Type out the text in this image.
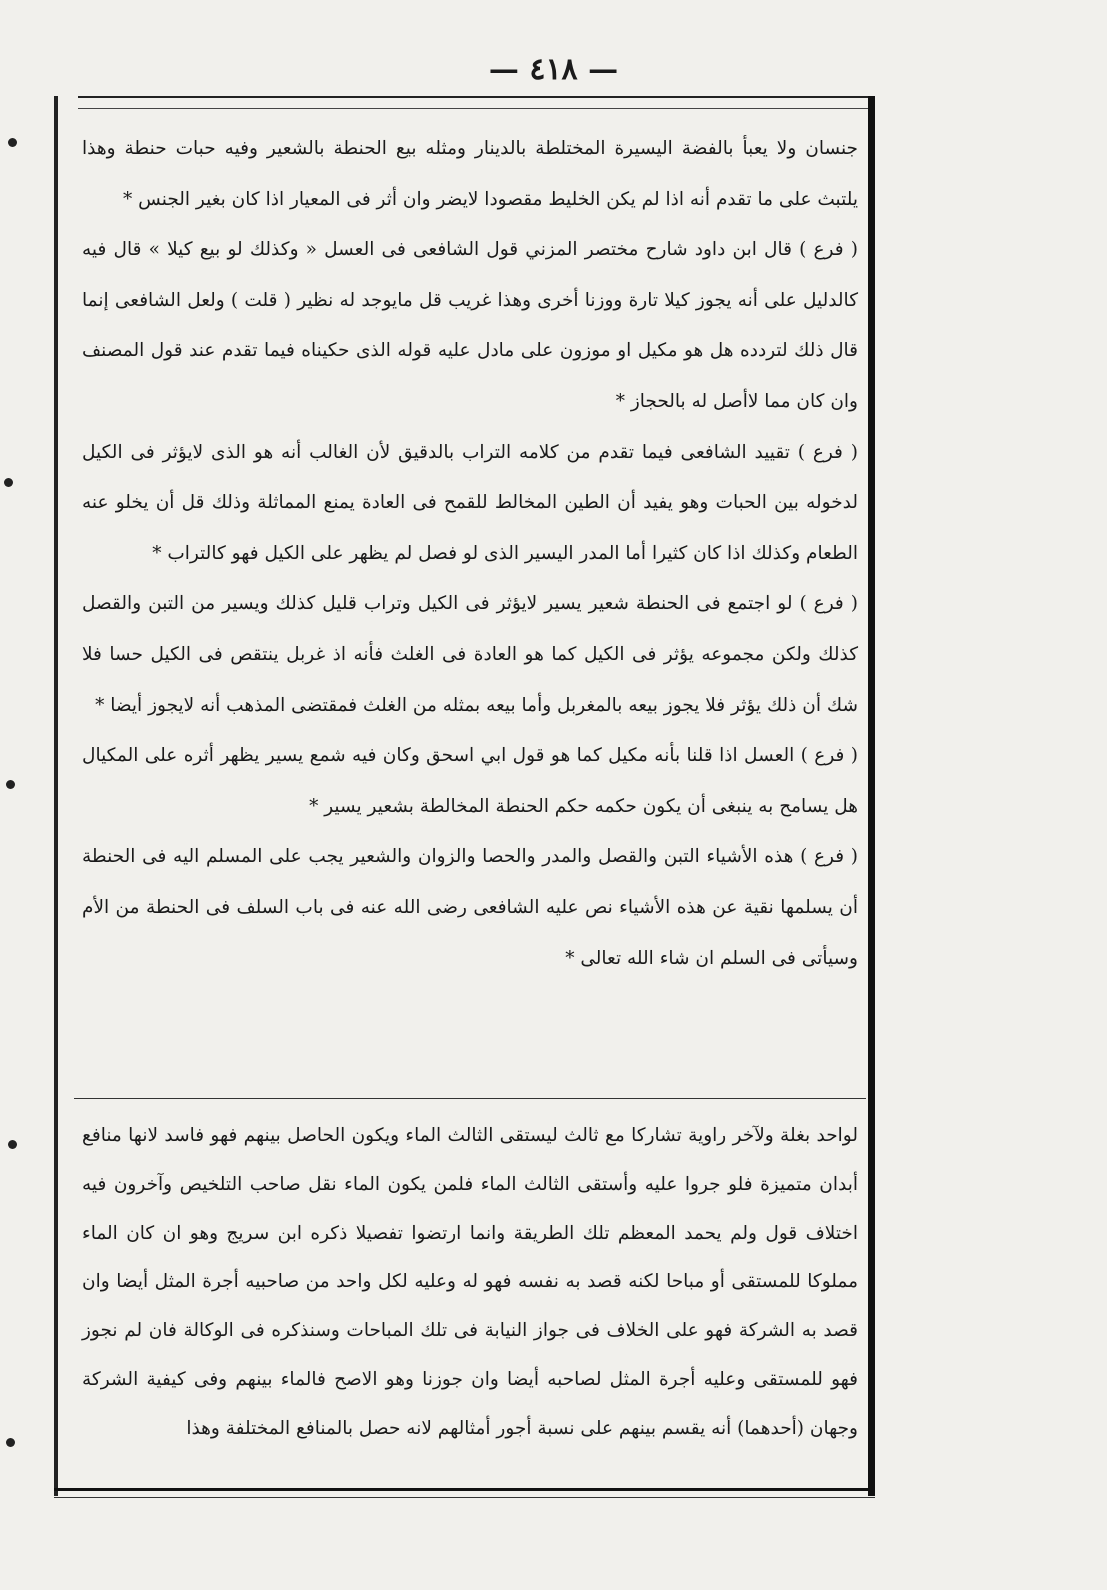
— ٤١٨ —

جنسان ولا يعبأ بالفضة اليسيرة المختلطة بالدينار ومثله بيع الحنطة بالشعير وفيه حبات حنطة وهذا يلتبث على ما تقدم أنه اذا لم يكن الخليط مقصودا لايضر وان أثر فى المعيار اذا كان بغير الجنس *

( فرع ) قال ابن داود شارح مختصر المزني قول الشافعى فى العسل « وكذلك لو بيع كيلا » قال فيه كالدليل على أنه يجوز كيلا تارة ووزنا أخرى وهذا غريب قل مايوجد له نظير ( قلت ) ولعل الشافعى إنما قال ذلك لتردده هل هو مكيل او موزون على مادل عليه قوله الذى حكيناه فيما تقدم عند قول المصنف وان كان مما لاأصل له بالحجاز *

( فرع ) تقييد الشافعى فيما تقدم من كلامه التراب بالدقيق لأن الغالب أنه هو الذى لايؤثر فى الكيل لدخوله بين الحبات وهو يفيد أن الطين المخالط للقمح فى العادة يمنع المماثلة وذلك قل أن يخلو عنه الطعام وكذلك اذا كان كثيرا أما المدر اليسير الذى لو فصل لم يظهر على الكيل فهو كالتراب *

( فرع ) لو اجتمع فى الحنطة شعير يسير لايؤثر فى الكيل وتراب قليل كذلك ويسير من التبن والقصل كذلك ولكن مجموعه يؤثر فى الكيل كما هو العادة فى الغلث فأنه اذ غربل ينتقص فى الكيل حسا فلا شك أن ذلك يؤثر فلا يجوز بيعه بالمغربل وأما بيعه بمثله من الغلث فمقتضى المذهب أنه لايجوز أيضا *

( فرع ) العسل اذا قلنا بأنه مكيل كما هو قول ابي اسحق وكان فيه شمع يسير يظهر أثره على المكيال هل يسامح به ينبغى أن يكون حكمه حكم الحنطة المخالطة بشعير يسير *

( فرع ) هذه الأشياء التبن والقصل والمدر والحصا والزوان والشعير يجب على المسلم اليه فى الحنطة أن يسلمها نقية عن هذه الأشياء نص عليه الشافعى رضى الله عنه فى باب السلف فى الحنطة من الأم وسيأتى فى السلم ان شاء الله تعالى *

لواحد بغلة ولآخر راوية تشاركا مع ثالث ليستقى الثالث الماء ويكون الحاصل بينهم فهو فاسد لانها منافع أبدان متميزة فلو جروا عليه وأستقى الثالث الماء فلمن يكون الماء نقل صاحب التلخيص وآخرون فيه اختلاف قول ولم يحمد المعظم تلك الطريقة وانما ارتضوا تفصيلا ذكره ابن سريج وهو ان كان الماء مملوكا للمستقى أو مباحا لكنه قصد به نفسه فهو له وعليه لكل واحد من صاحبيه أجرة المثل أيضا وان قصد به الشركة فهو على الخلاف فى جواز النيابة فى تلك المباحات وسنذكره فى الوكالة فان لم نجوز فهو للمستقى وعليه أجرة المثل لصاحبه أيضا وان جوزنا وهو الاصح فالماء بينهم وفى كيفية الشركة وجهان (أحدهما) أنه يقسم بينهم على نسبة أجور أمثالهم لانه حصل بالمنافع المختلفة وهذا
